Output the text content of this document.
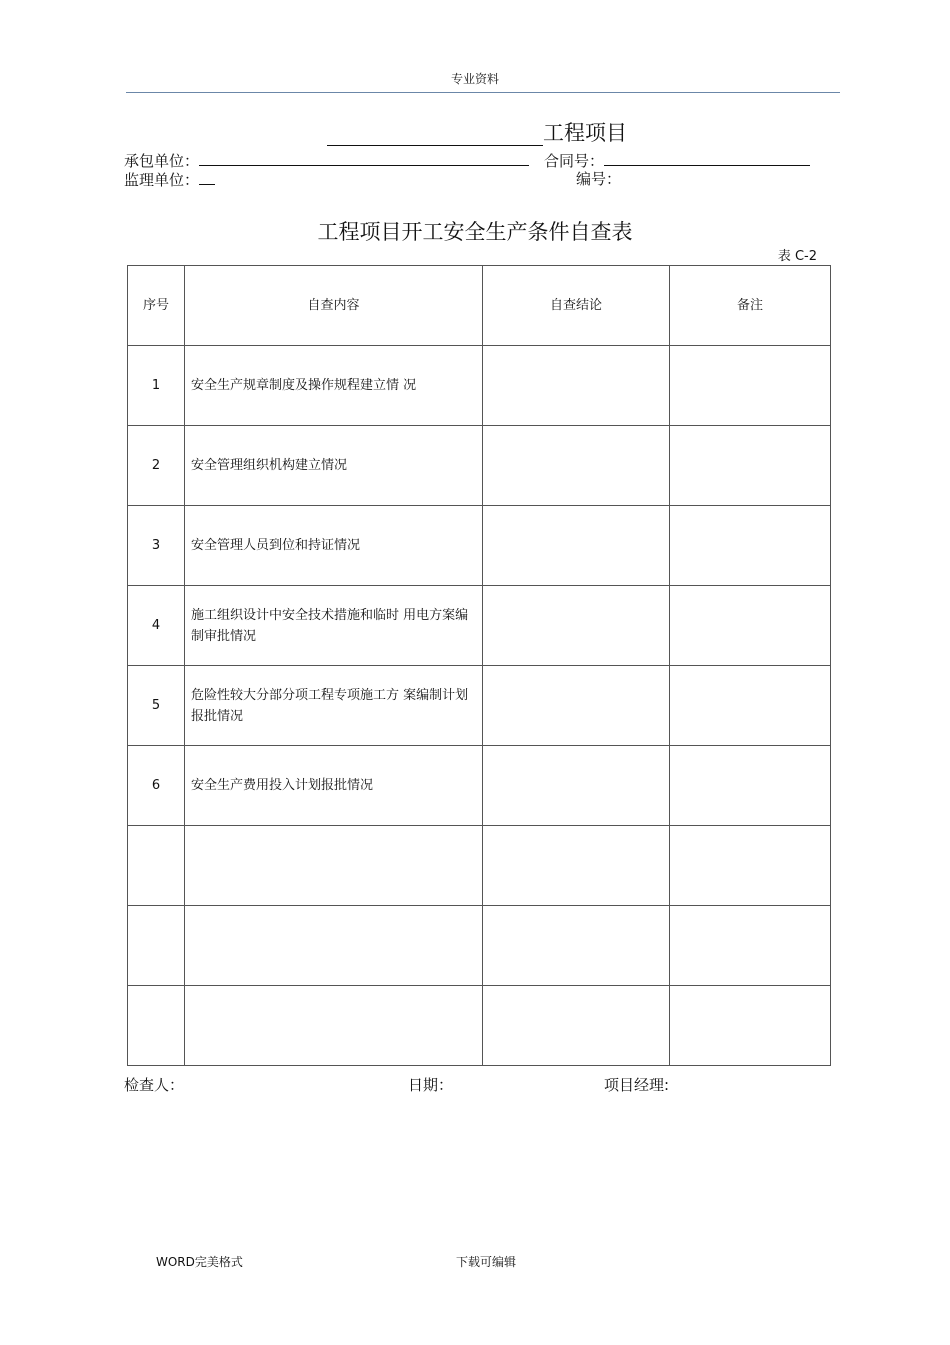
专业资料
工程项目
承包单位：	合同号：
监理单位：	编号：
工程项目开工安全生产条件自查表
表 C-2
序号	自查内容	自查结论	备注
1	安全生产规章制度及操作规程建立情 况		
2	安全管理组织机构建立情况		
3	安全管理人员到位和持证情况		
4	施工组织设计中安全技术措施和临时 用电方案编制审批情况		
5	危险性较大分部分项工程专项施工方 案编制计划报批情况		
6	安全生产费用投入计划报批情况		

检查人：	日期：	项目经理:
WORD完美格式	下载可编辑
